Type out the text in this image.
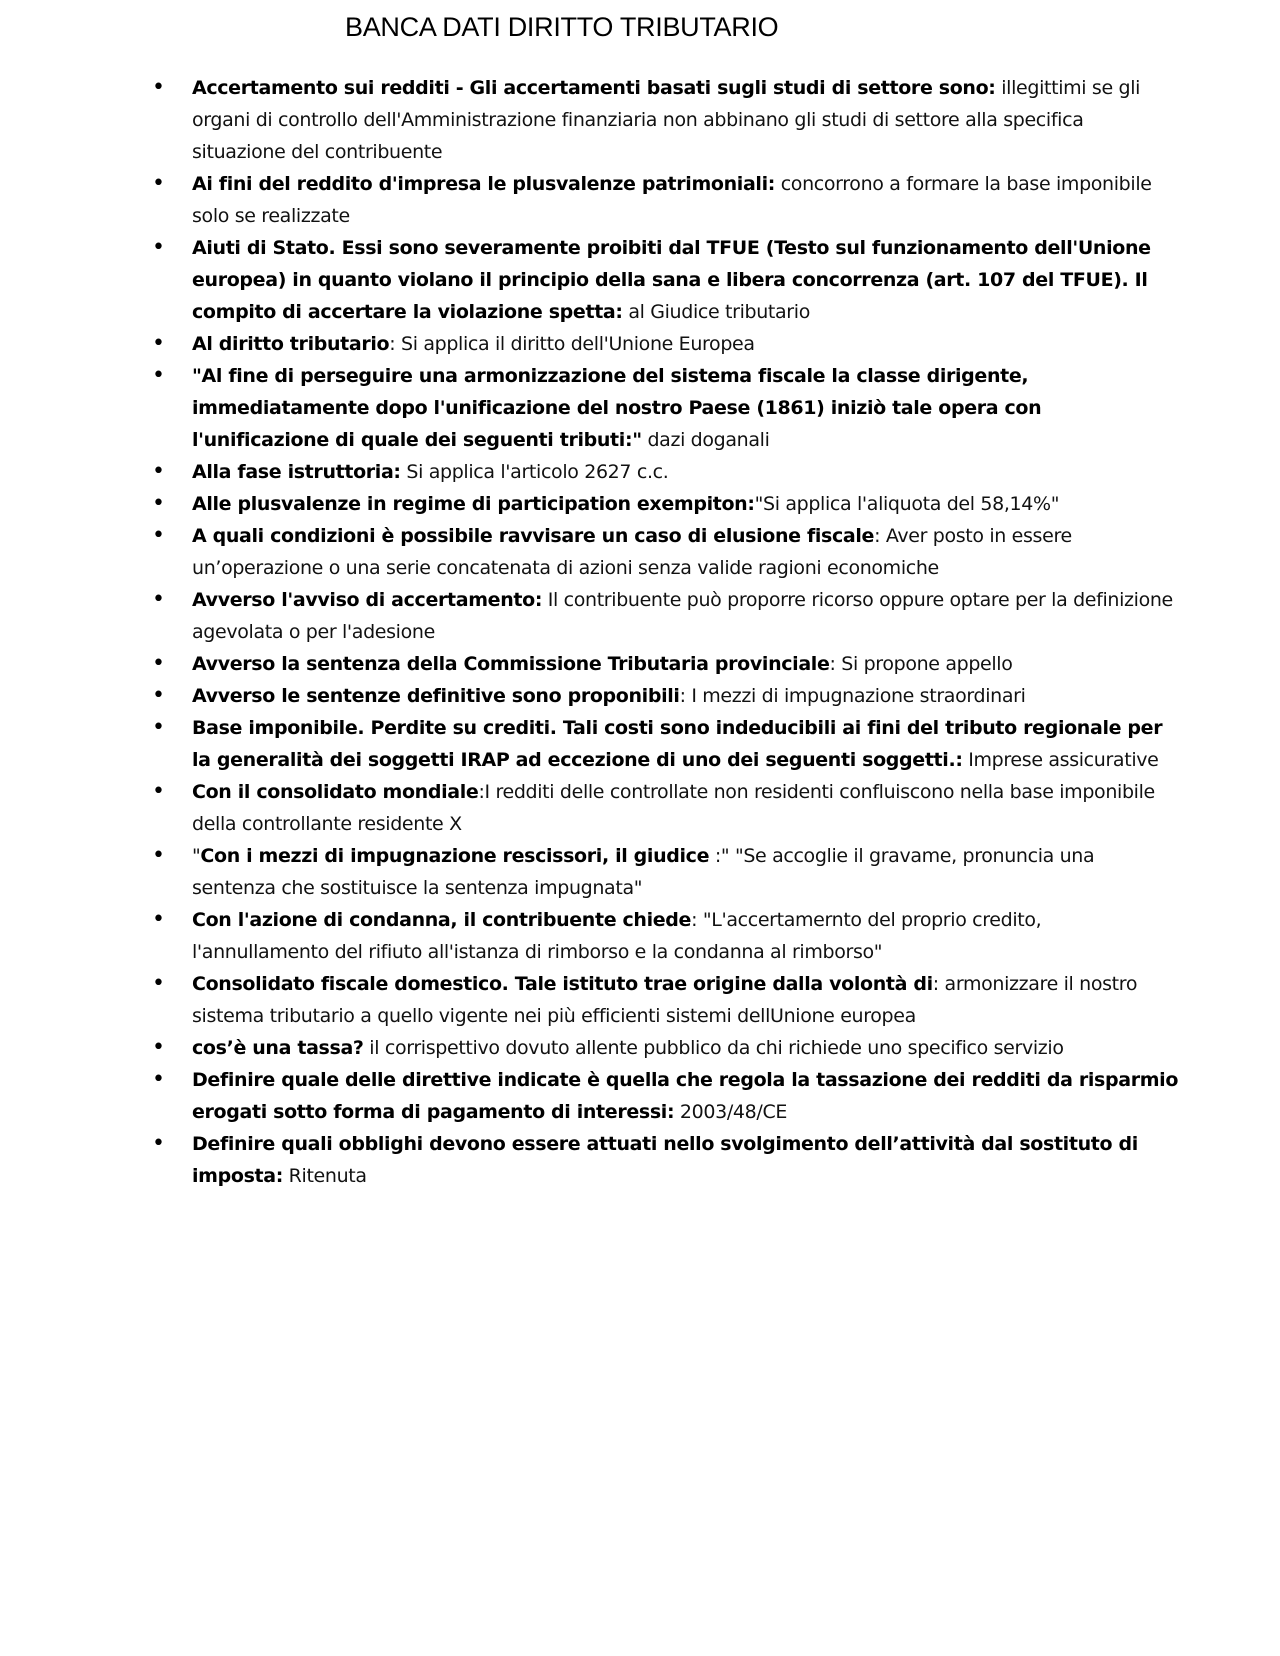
BANCA DATI DIRITTO TRIBUTARIO
• Accertamento sui redditi - Gli accertamenti basati sugli studi di settore sono: illegittimi se gli organi di controllo dell'Amministrazione finanziaria non abbinano gli studi di settore alla specifica situazione del contribuente
• Ai fini del reddito d'impresa le plusvalenze patrimoniali: concorrono a formare la base imponibile solo se realizzate
• Aiuti di Stato. Essi sono severamente proibiti dal TFUE (Testo sul funzionamento dell'Unione europea) in quanto violano il principio della sana e libera concorrenza (art. 107 del TFUE). Il compito di accertare la violazione spetta: al Giudice tributario
• Al diritto tributario: Si applica il diritto dell'Unione Europea
• "Al fine di perseguire una armonizzazione del sistema fiscale la classe dirigente, immediatamente dopo l'unificazione del nostro Paese (1861) iniziò tale opera con l'unificazione di quale dei seguenti tributi:" dazi doganali
• Alla fase istruttoria: Si applica l'articolo 2627 c.c.
• Alle plusvalenze in regime di participation exempiton:"Si applica l'aliquota del 58,14%"
• A quali condizioni è possibile ravvisare un caso di elusione fiscale: Aver posto in essere un’operazione o una serie concatenata di azioni senza valide ragioni economiche
• Avverso l'avviso di accertamento: Il contribuente può proporre ricorso oppure optare per la definizione agevolata o per l'adesione
• Avverso la sentenza della Commissione Tributaria provinciale: Si propone appello
• Avverso le sentenze definitive sono proponibili: I mezzi di impugnazione straordinari
• Base imponibile. Perdite su crediti. Tali costi sono indeducibili ai fini del tributo regionale per la generalità dei soggetti IRAP ad eccezione di uno dei seguenti soggetti.: Imprese assicurative
• Con il consolidato mondiale:I redditi delle controllate non residenti confluiscono nella base imponibile della controllante residente X
• "Con i mezzi di impugnazione rescissori, il giudice :" "Se accoglie il gravame, pronuncia una sentenza che sostituisce la sentenza impugnata"
• Con l'azione di condanna, il contribuente chiede: "L'accertamernto del proprio credito, l'annullamento del rifiuto all'istanza di rimborso e la condanna al rimborso"
• Consolidato fiscale domestico. Tale istituto trae origine dalla volontà di: armonizzare il nostro sistema tributario a quello vigente nei più efficienti sistemi dellUnione europea
• cos’è una tassa? il corrispettivo dovuto allente pubblico da chi richiede uno specifico servizio
• Definire quale delle direttive indicate è quella che regola la tassazione dei redditi da risparmio erogati sotto forma di pagamento di interessi: 2003/48/CE
• Definire quali obblighi devono essere attuati nello svolgimento dell’attività dal sostituto di imposta: Ritenuta
